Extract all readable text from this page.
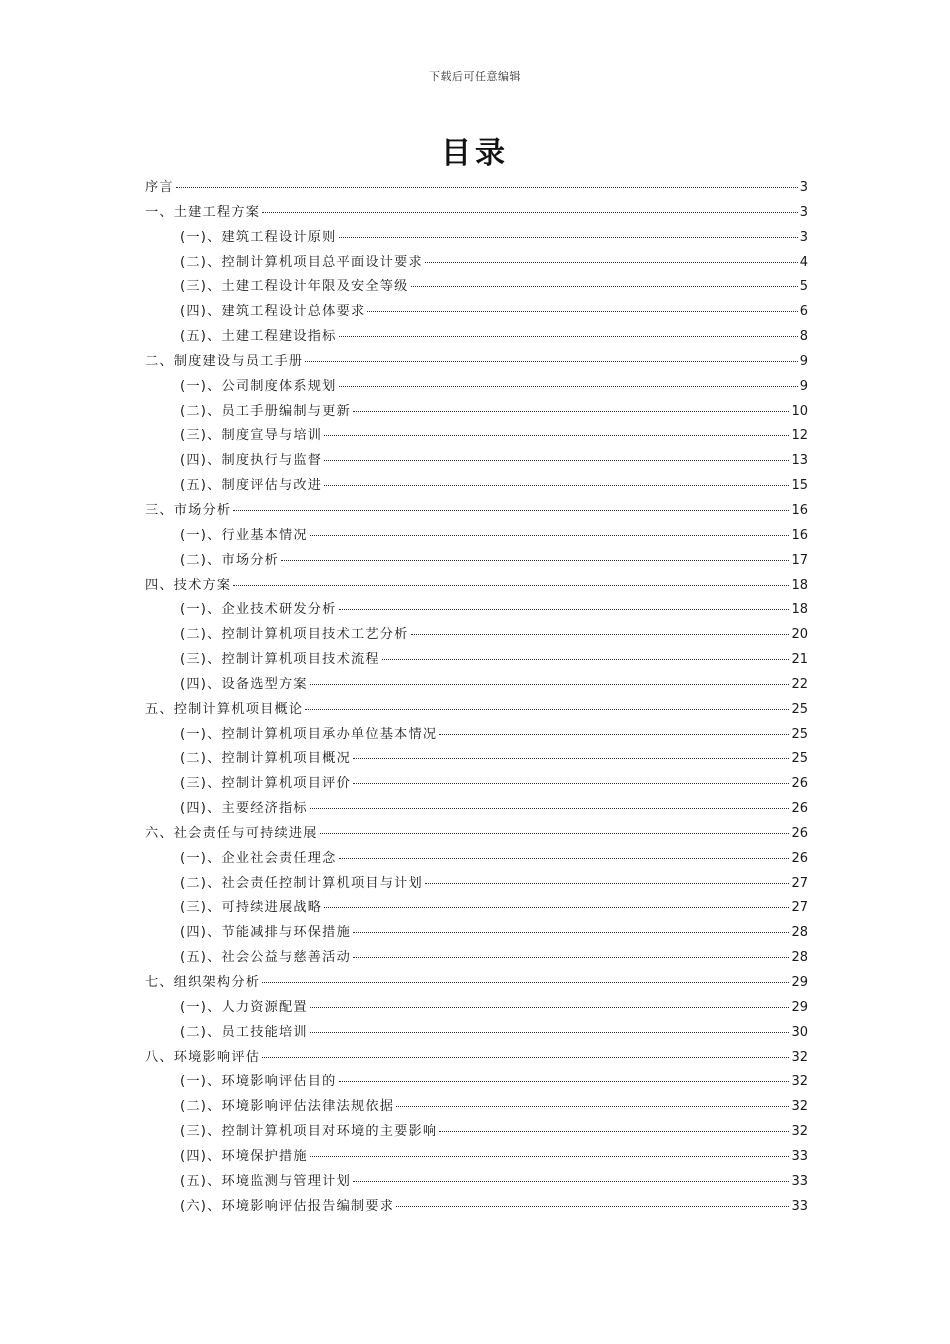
下载后可任意编辑
目录
序言	3
一、土建工程方案	3
(一)、建筑工程设计原则	3
(二)、控制计算机项目总平面设计要求	4
(三)、土建工程设计年限及安全等级	5
(四)、建筑工程设计总体要求	6
(五)、土建工程建设指标	8
二、制度建设与员工手册	9
(一)、公司制度体系规划	9
(二)、员工手册编制与更新	10
(三)、制度宣导与培训	12
(四)、制度执行与监督	13
(五)、制度评估与改进	15
三、市场分析	16
(一)、行业基本情况	16
(二)、市场分析	17
四、技术方案	18
(一)、企业技术研发分析	18
(二)、控制计算机项目技术工艺分析	20
(三)、控制计算机项目技术流程	21
(四)、设备选型方案	22
五、控制计算机项目概论	25
(一)、控制计算机项目承办单位基本情况	25
(二)、控制计算机项目概况	25
(三)、控制计算机项目评价	26
(四)、主要经济指标	26
六、社会责任与可持续进展	26
(一)、企业社会责任理念	26
(二)、社会责任控制计算机项目与计划	27
(三)、可持续进展战略	27
(四)、节能减排与环保措施	28
(五)、社会公益与慈善活动	28
七、组织架构分析	29
(一)、人力资源配置	29
(二)、员工技能培训	30
八、环境影响评估	32
(一)、环境影响评估目的	32
(二)、环境影响评估法律法规依据	32
(三)、控制计算机项目对环境的主要影响	32
(四)、环境保护措施	33
(五)、环境监测与管理计划	33
(六)、环境影响评估报告编制要求	33
